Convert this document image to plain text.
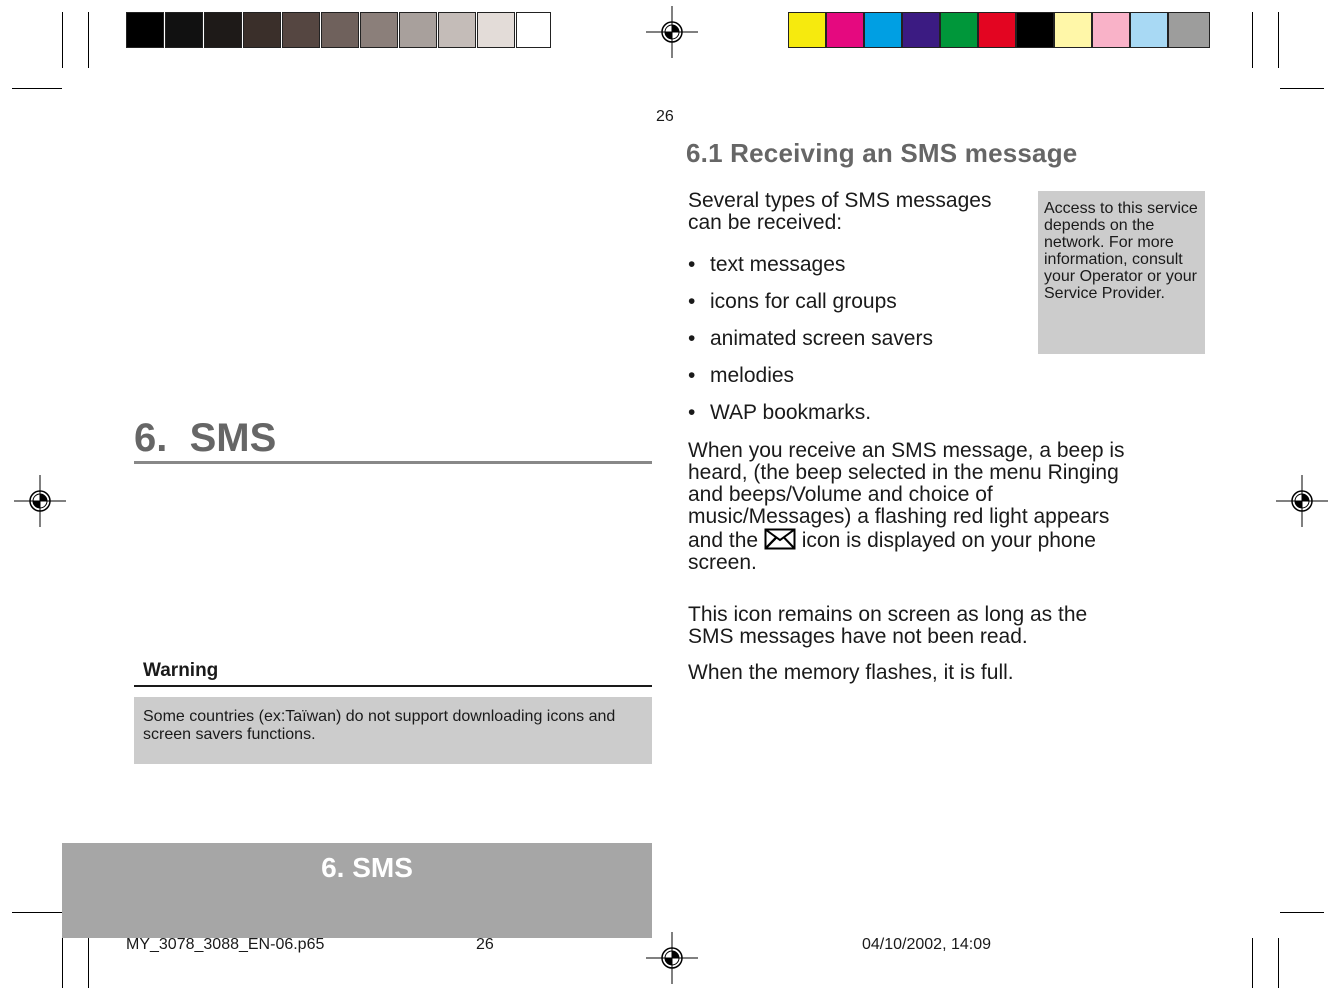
26
6.1 Receiving an SMS message
Several types of SMS messages can be received:
• text messages
• icons for call groups
• animated screen savers
• melodies
• WAP bookmarks.
Access to this service depends on the network. For more information, consult your Operator or your Service Provider.
When you receive an SMS message, a beep is heard, (the beep selected in the menu Ringing and beeps/Volume and choice of music/Messages) a flashing red light appears and the icon is displayed on your phone screen.
This icon remains on screen as long as the SMS messages have not been read.
When the memory flashes, it is full.
6.  SMS
Warning
Some countries (ex:Taïwan) do not support downloading icons and screen savers functions.
6. SMS
MY_3078_3088_EN-06.p65	26	04/10/2002, 14:09
